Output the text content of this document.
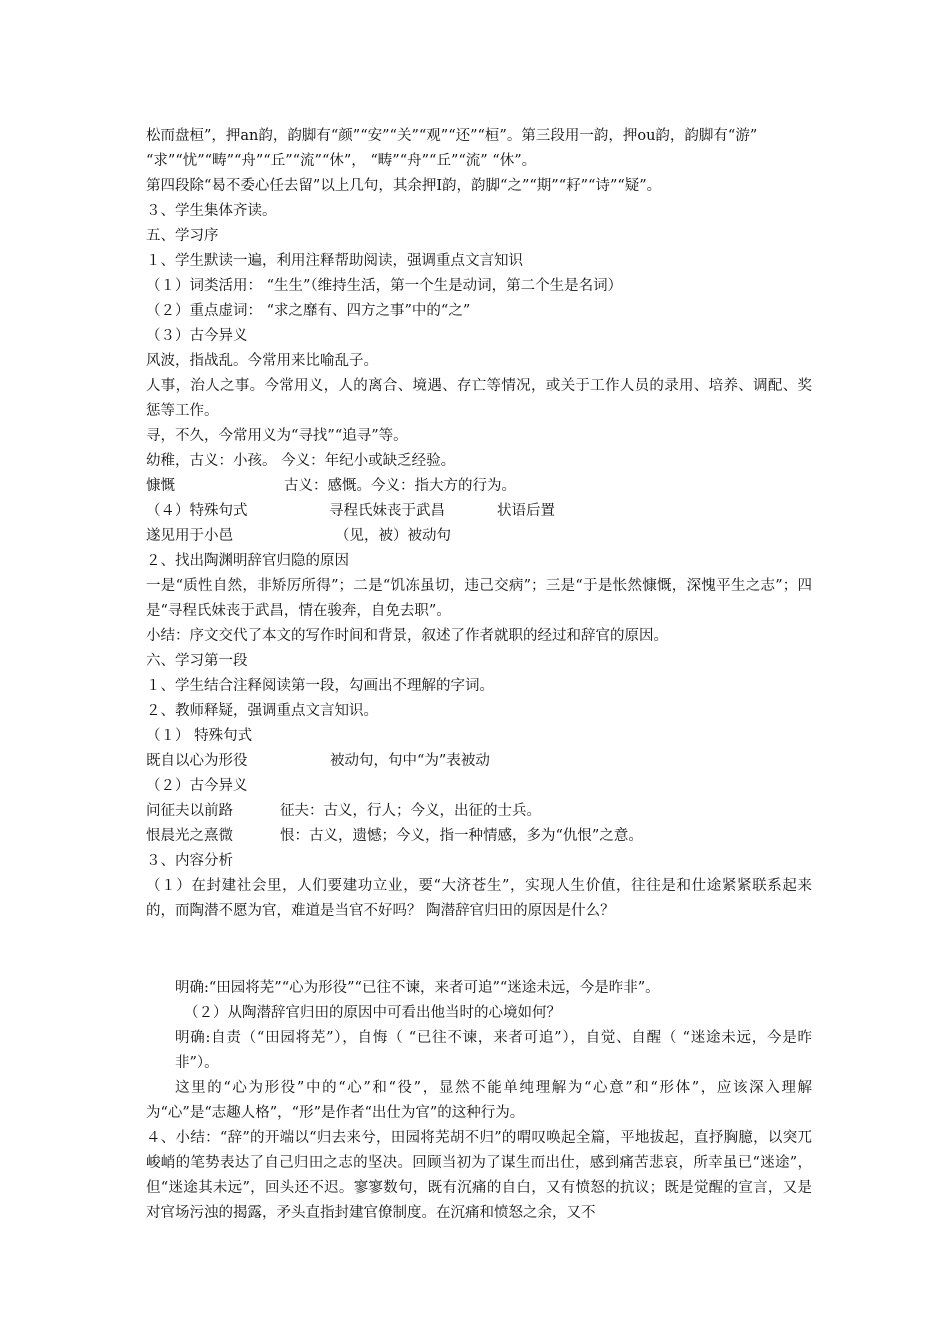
松而盘桓”，押an韵，韵脚有“颜”“安”“关”“观”“还”“桓”。第三段用一韵，押ou韵，韵脚有“游”
“求”“忧”“畴”“舟”“丘”“流”“休”， “畴”“舟”“丘”“流” “休”。
第四段除“曷不委心任去留”以上几句，其余押I韵，韵脚“之”“期”“耔”“诗”“疑”。
３、学生集体齐读。
五、学习序
１、学生默读一遍，利用注释帮助阅读，强调重点文言知识
（１）词类活用： “生生”（维持生活，第一个生是动词，第二个生是名词）
（２）重点虚词： “求之靡有、四方之事”中的“之”
（３）古今异义
风波，指战乱。今常用来比喻乱子。
人事，治人之事。今常用义，人的离合、境遇、存亡等情况，或关于工作人员的录用、培养、调配、奖惩等工作。
寻，不久，今常用义为“寻找”“追寻”等。
幼稚，古义：小孩。 今义：年纪小或缺乏经验。
慷慨	古义：感慨。今义：指大方的行为。
（４）特殊句式	寻程氏妹丧于武昌	状语后置
遂见用于小邑	（见，被）被动句
２、找出陶渊明辞官归隐的原因
一是“质性自然，非矫厉所得”；二是“饥冻虽切，违己交病”；三是“于是怅然慷慨，深愧平生之志”；四是“寻程氏妹丧于武昌，情在骏奔，自免去职”。
小结：序文交代了本文的写作时间和背景，叙述了作者就职的经过和辞官的原因。
六、学习第一段
１、学生结合注释阅读第一段，勾画出不理解的字词。
２、教师释疑，强调重点文言知识。
（１） 特殊句式
既自以心为形役	被动句，句中“为”表被动
（２）古今异义
问征夫以前路	征夫：古义，行人；今义，出征的士兵。
恨晨光之熹微	恨：古义，遗憾；今义，指一种情感，多为“仇恨”之意。
３、内容分析
（１）在封建社会里，人们要建功立业，要“大济苍生”，实现人生价值，往往是和仕途紧紧联系起来的，而陶潜不愿为官，难道是当官不好吗？ 陶潜辞官归田的原因是什么？
明确:“田园将芜”“心为形役”“已往不谏，来者可追”“迷途未远，今是昨非”。
（２）从陶潜辞官归田的原因中可看出他当时的心境如何？
明确:自责（“田园将芜”），自悔（ “已往不谏，来者可追”），自觉、自醒（ “迷途未远，今是昨非”）。
这里的“心为形役”中的“心”和“役”，显然不能单纯理解为“心意”和“形体”，应该深入理解为“心”是“志趣人格”，“形”是作者“出仕为官”的这种行为。
４、小结：“辞”的开端以“归去来兮，田园将芜胡不归”的喟叹唤起全篇，平地拔起，直抒胸臆，以突兀峻峭的笔势表达了自己归田之志的坚决。回顾当初为了谋生而出仕，感到痛苦悲哀，所幸虽已“迷途”，但“迷途其未远”，回头还不迟。寥寥数句，既有沉痛的自白，又有愤怒的抗议；既是觉醒的宣言，又是对官场污浊的揭露，矛头直指封建官僚制度。在沉痛和愤怒之余，又不
